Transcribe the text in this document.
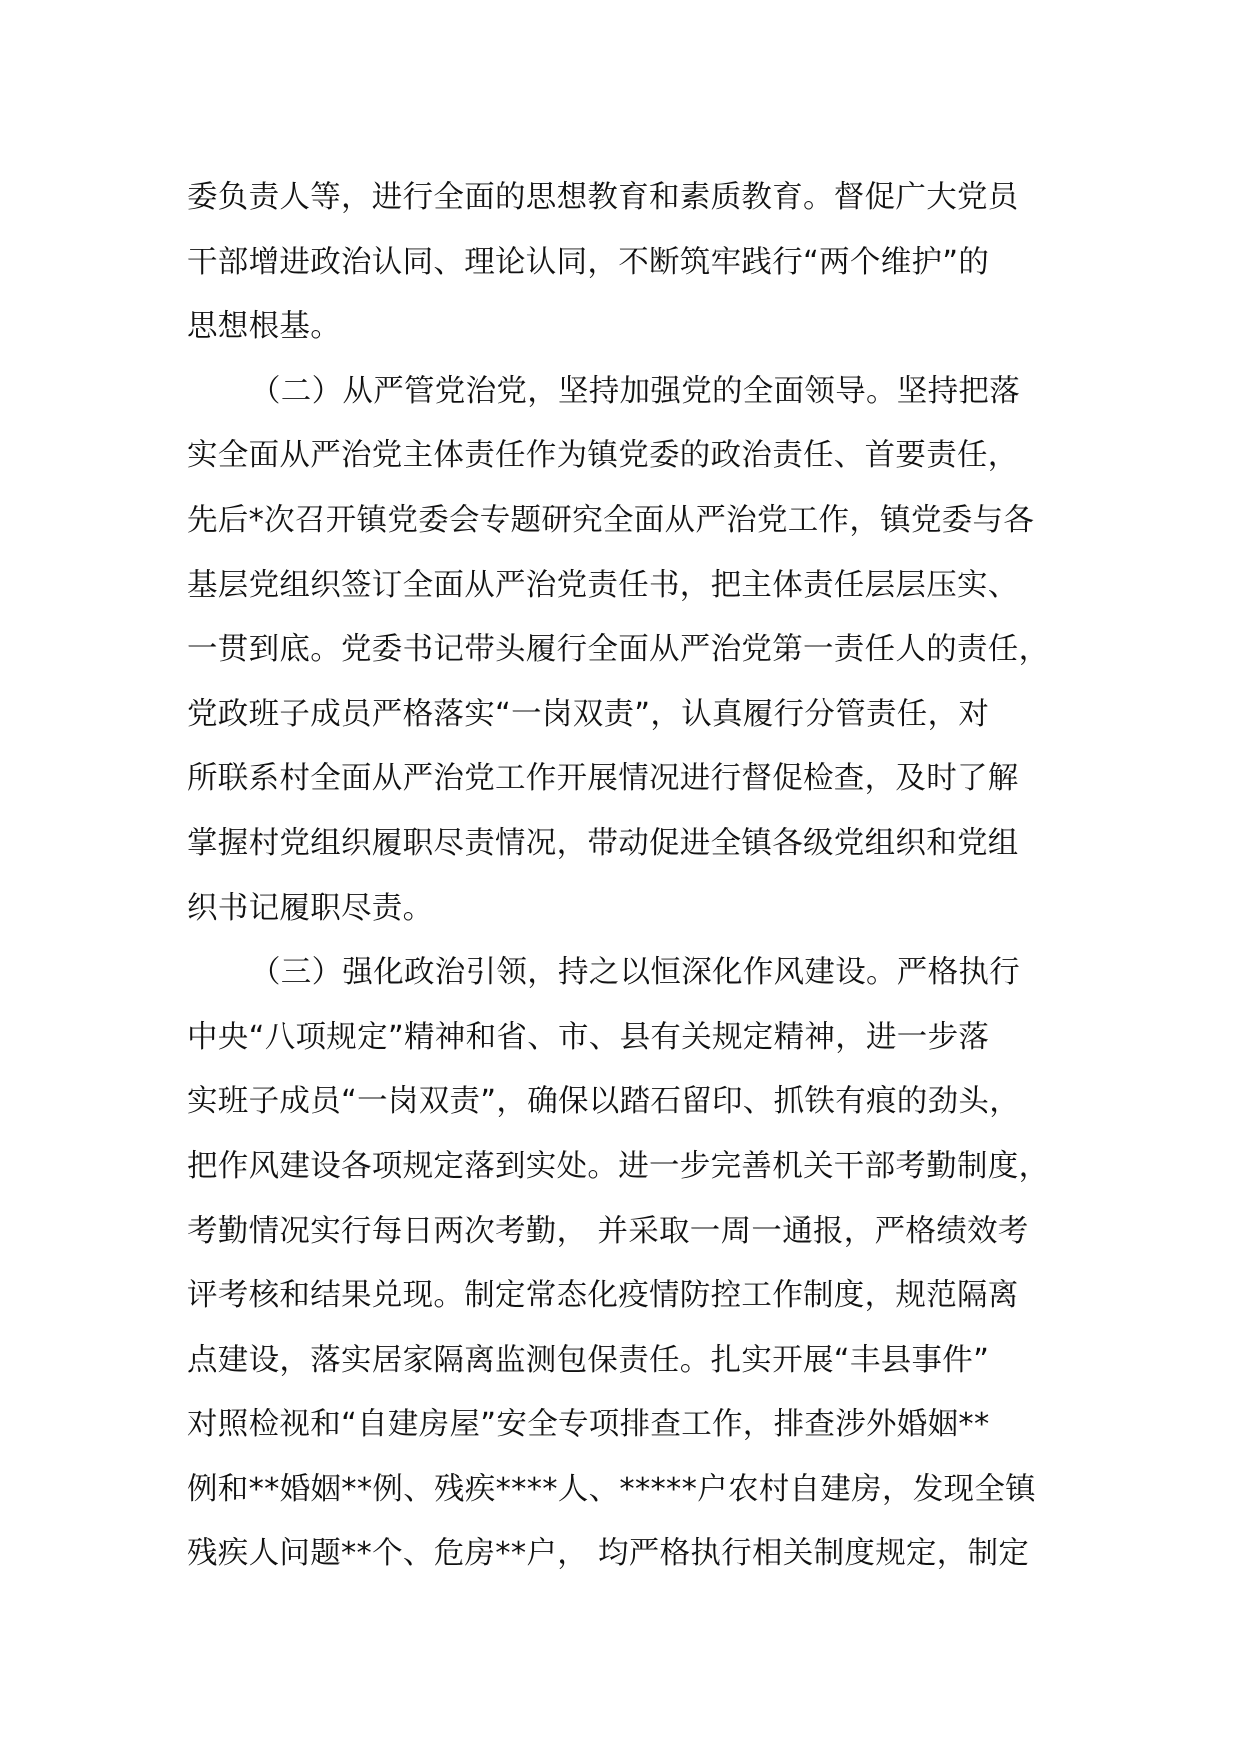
委负责人等，进行全面的思想教育和素质教育。督促广大党员
干部增进政治认同、理论认同，不断筑牢践行“两个维护”的
思想根基。
（二）从严管党治党，坚持加强党的全面领导。坚持把落
实全面从严治党主体责任作为镇党委的政治责任、首要责任，
先后*次召开镇党委会专题研究全面从严治党工作，镇党委与各
基层党组织签订全面从严治党责任书，把主体责任层层压实、
一贯到底。党委书记带头履行全面从严治党第一责任人的责任，
党政班子成员严格落实“一岗双责”，认真履行分管责任，对
所联系村全面从严治党工作开展情况进行督促检查，及时了解
掌握村党组织履职尽责情况，带动促进全镇各级党组织和党组
织书记履职尽责。
（三）强化政治引领，持之以恒深化作风建设。严格执行
中央“八项规定”精神和省、市、县有关规定精神，进一步落
实班子成员“一岗双责”，确保以踏石留印、抓铁有痕的劲头，
把作风建设各项规定落到实处。进一步完善机关干部考勤制度，
考勤情况实行每日两次考勤， 并采取一周一通报，严格绩效考
评考核和结果兑现。制定常态化疫情防控工作制度，规范隔离
点建设，落实居家隔离监测包保责任。扎实开展“丰县事件”
对照检视和“自建房屋”安全专项排查工作，排查涉外婚姻**
例和**婚姻**例、残疾****人、*****户农村自建房，发现全镇
残疾人问题**个、危房**户， 均严格执行相关制度规定，制定
